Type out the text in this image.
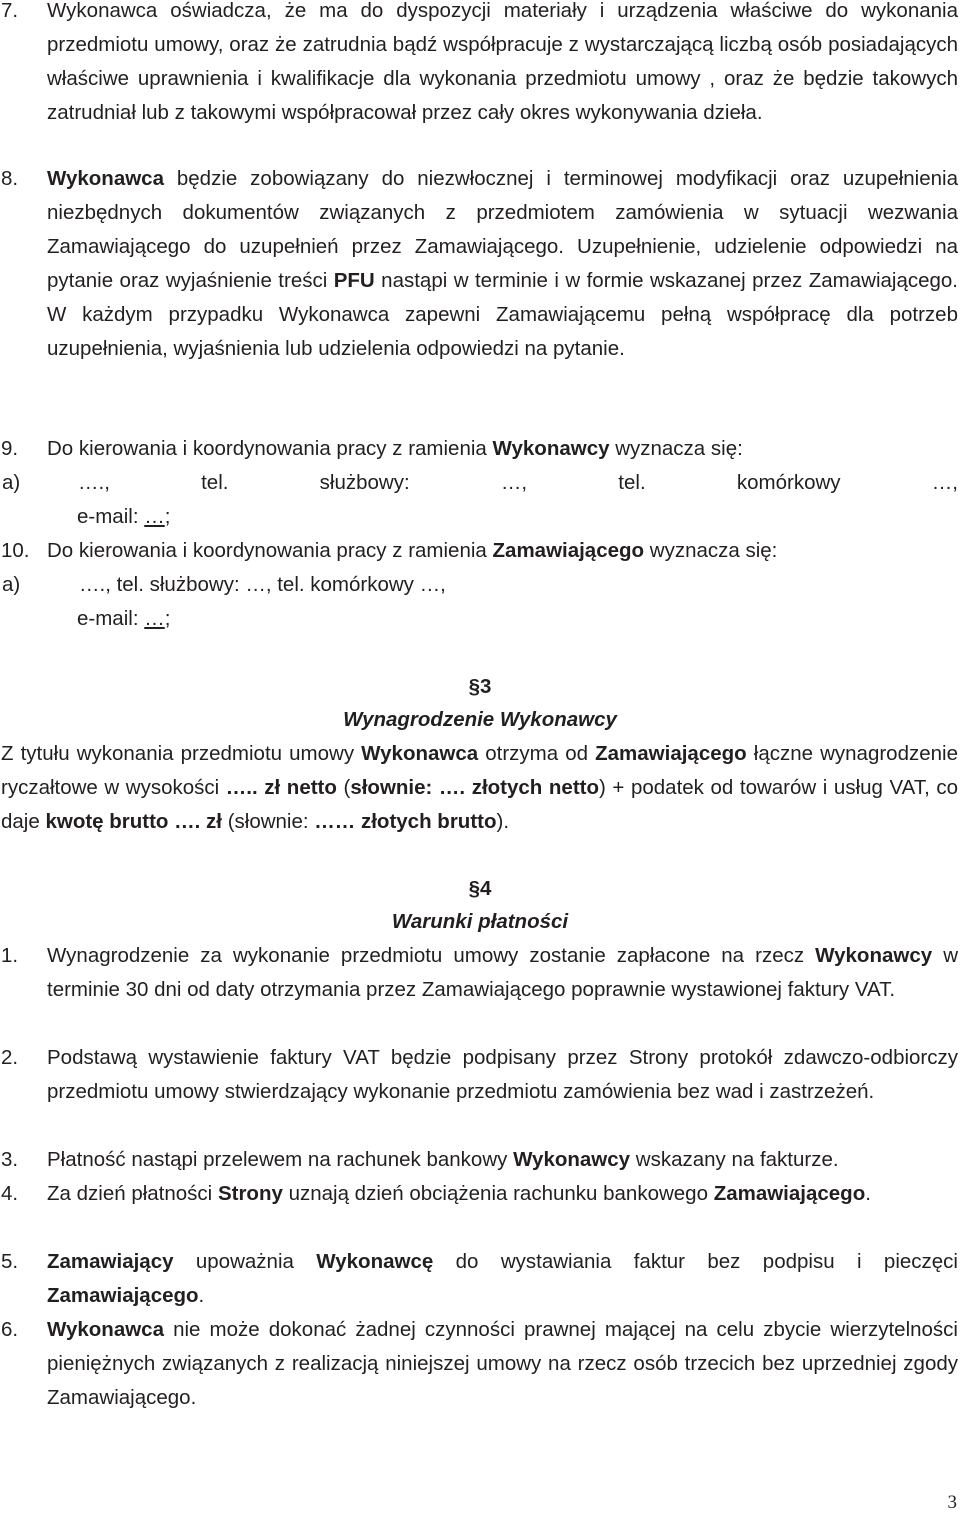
7. Wykonawca oświadcza, że ma do dyspozycji materiały i urządzenia właściwe do wykonania przedmiotu umowy, oraz że zatrudnia bądź współpracuje z wystarczającą liczbą osób posiadających właściwe uprawnienia i kwalifikacje dla wykonania przedmiotu umowy , oraz że będzie takowych zatrudniał lub z takowymi współpracował przez cały okres wykonywania dzieła.
8. Wykonawca będzie zobowiązany do niezwłocznej i terminowej modyfikacji oraz uzupełnienia niezbędnych dokumentów związanych z przedmiotem zamówienia w sytuacji wezwania Zamawiającego do uzupełnień przez Zamawiającego. Uzupełnienie, udzielenie odpowiedzi na pytanie oraz wyjaśnienie treści PFU nastąpi w terminie i w formie wskazanej przez Zamawiającego. W każdym przypadku Wykonawca zapewni Zamawiającemu pełną współpracę dla potrzeb uzupełnienia, wyjaśnienia lub udzielenia odpowiedzi na pytanie.
9. Do kierowania i koordynowania pracy z ramienia Wykonawcy wyznacza się:
a)	….,	tel.	służbowy:	…,	tel.	komórkowy	…,
e-mail: …;
10. Do kierowania i koordynowania pracy z ramienia Zamawiającego wyznacza się:
a)	…., tel. służbowy: …, tel. komórkowy …,
e-mail: …;
§3
Wynagrodzenie Wykonawcy
Z tytułu wykonania przedmiotu umowy Wykonawca otrzyma od Zamawiającego łączne wynagrodzenie ryczałtowe w wysokości ….. zł netto (słownie: …. złotych netto) + podatek od towarów i usług VAT, co daje kwotę brutto …. zł (słownie: …… złotych brutto).
§4
Warunki płatności
1. Wynagrodzenie za wykonanie przedmiotu umowy zostanie zapłacone na rzecz Wykonawcy w terminie 30 dni od daty otrzymania przez Zamawiającego poprawnie wystawionej faktury VAT.
2. Podstawą wystawienie faktury VAT będzie podpisany przez Strony protokół zdawczo-odbiorczy przedmiotu umowy stwierdzający wykonanie przedmiotu zamówienia bez wad i zastrzeżeń.
3. Płatność nastąpi przelewem na rachunek bankowy Wykonawcy wskazany na fakturze.
4. Za dzień płatności Strony uznają dzień obciążenia rachunku bankowego Zamawiającego.
5. Zamawiający upoważnia Wykonawcę do wystawiania faktur bez podpisu i pieczęci Zamawiającego.
6. Wykonawca nie może dokonać żadnej czynności prawnej mającej na celu zbycie wierzytelności pieniężnych związanych z realizacją niniejszej umowy na rzecz osób trzecich bez uprzedniej zgody Zamawiającego.
3
